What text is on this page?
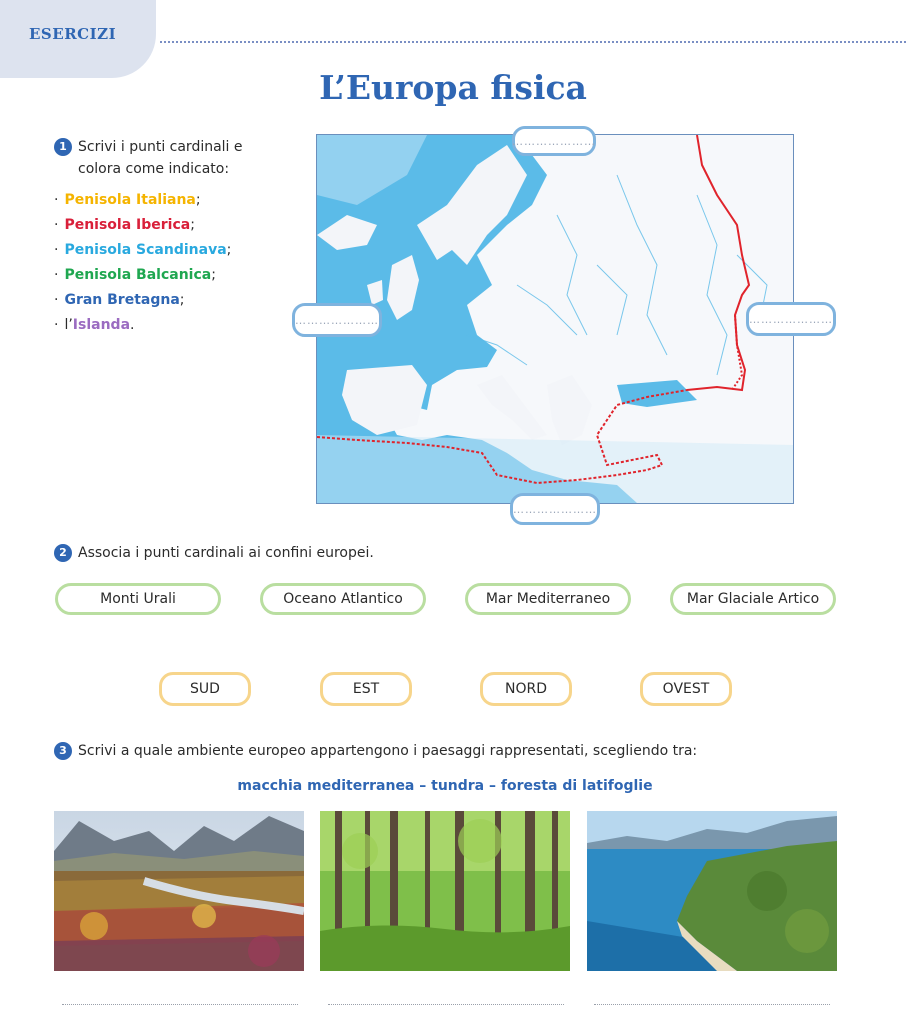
ESERCIZI
L’Europa fisica
1 Scrivi i punti cardinali e
colora come indicato:
· Penisola Italiana;
· Penisola Iberica;
· Penisola Scandinava;
· Penisola Balcanica;
· Gran Bretagna;
· l’Islanda.
…………………
…………………	…………………
…………………
2 Associa i punti cardinali ai confini europei.
Monti Urali	Oceano Atlantico	Mar Mediterraneo	Mar Glaciale Artico
SUD	EST	NORD	OVEST
3 Scrivi a quale ambiente europeo appartengono i paesaggi rappresentati, scegliendo tra:
macchia mediterranea – tundra – foresta di latifoglie
